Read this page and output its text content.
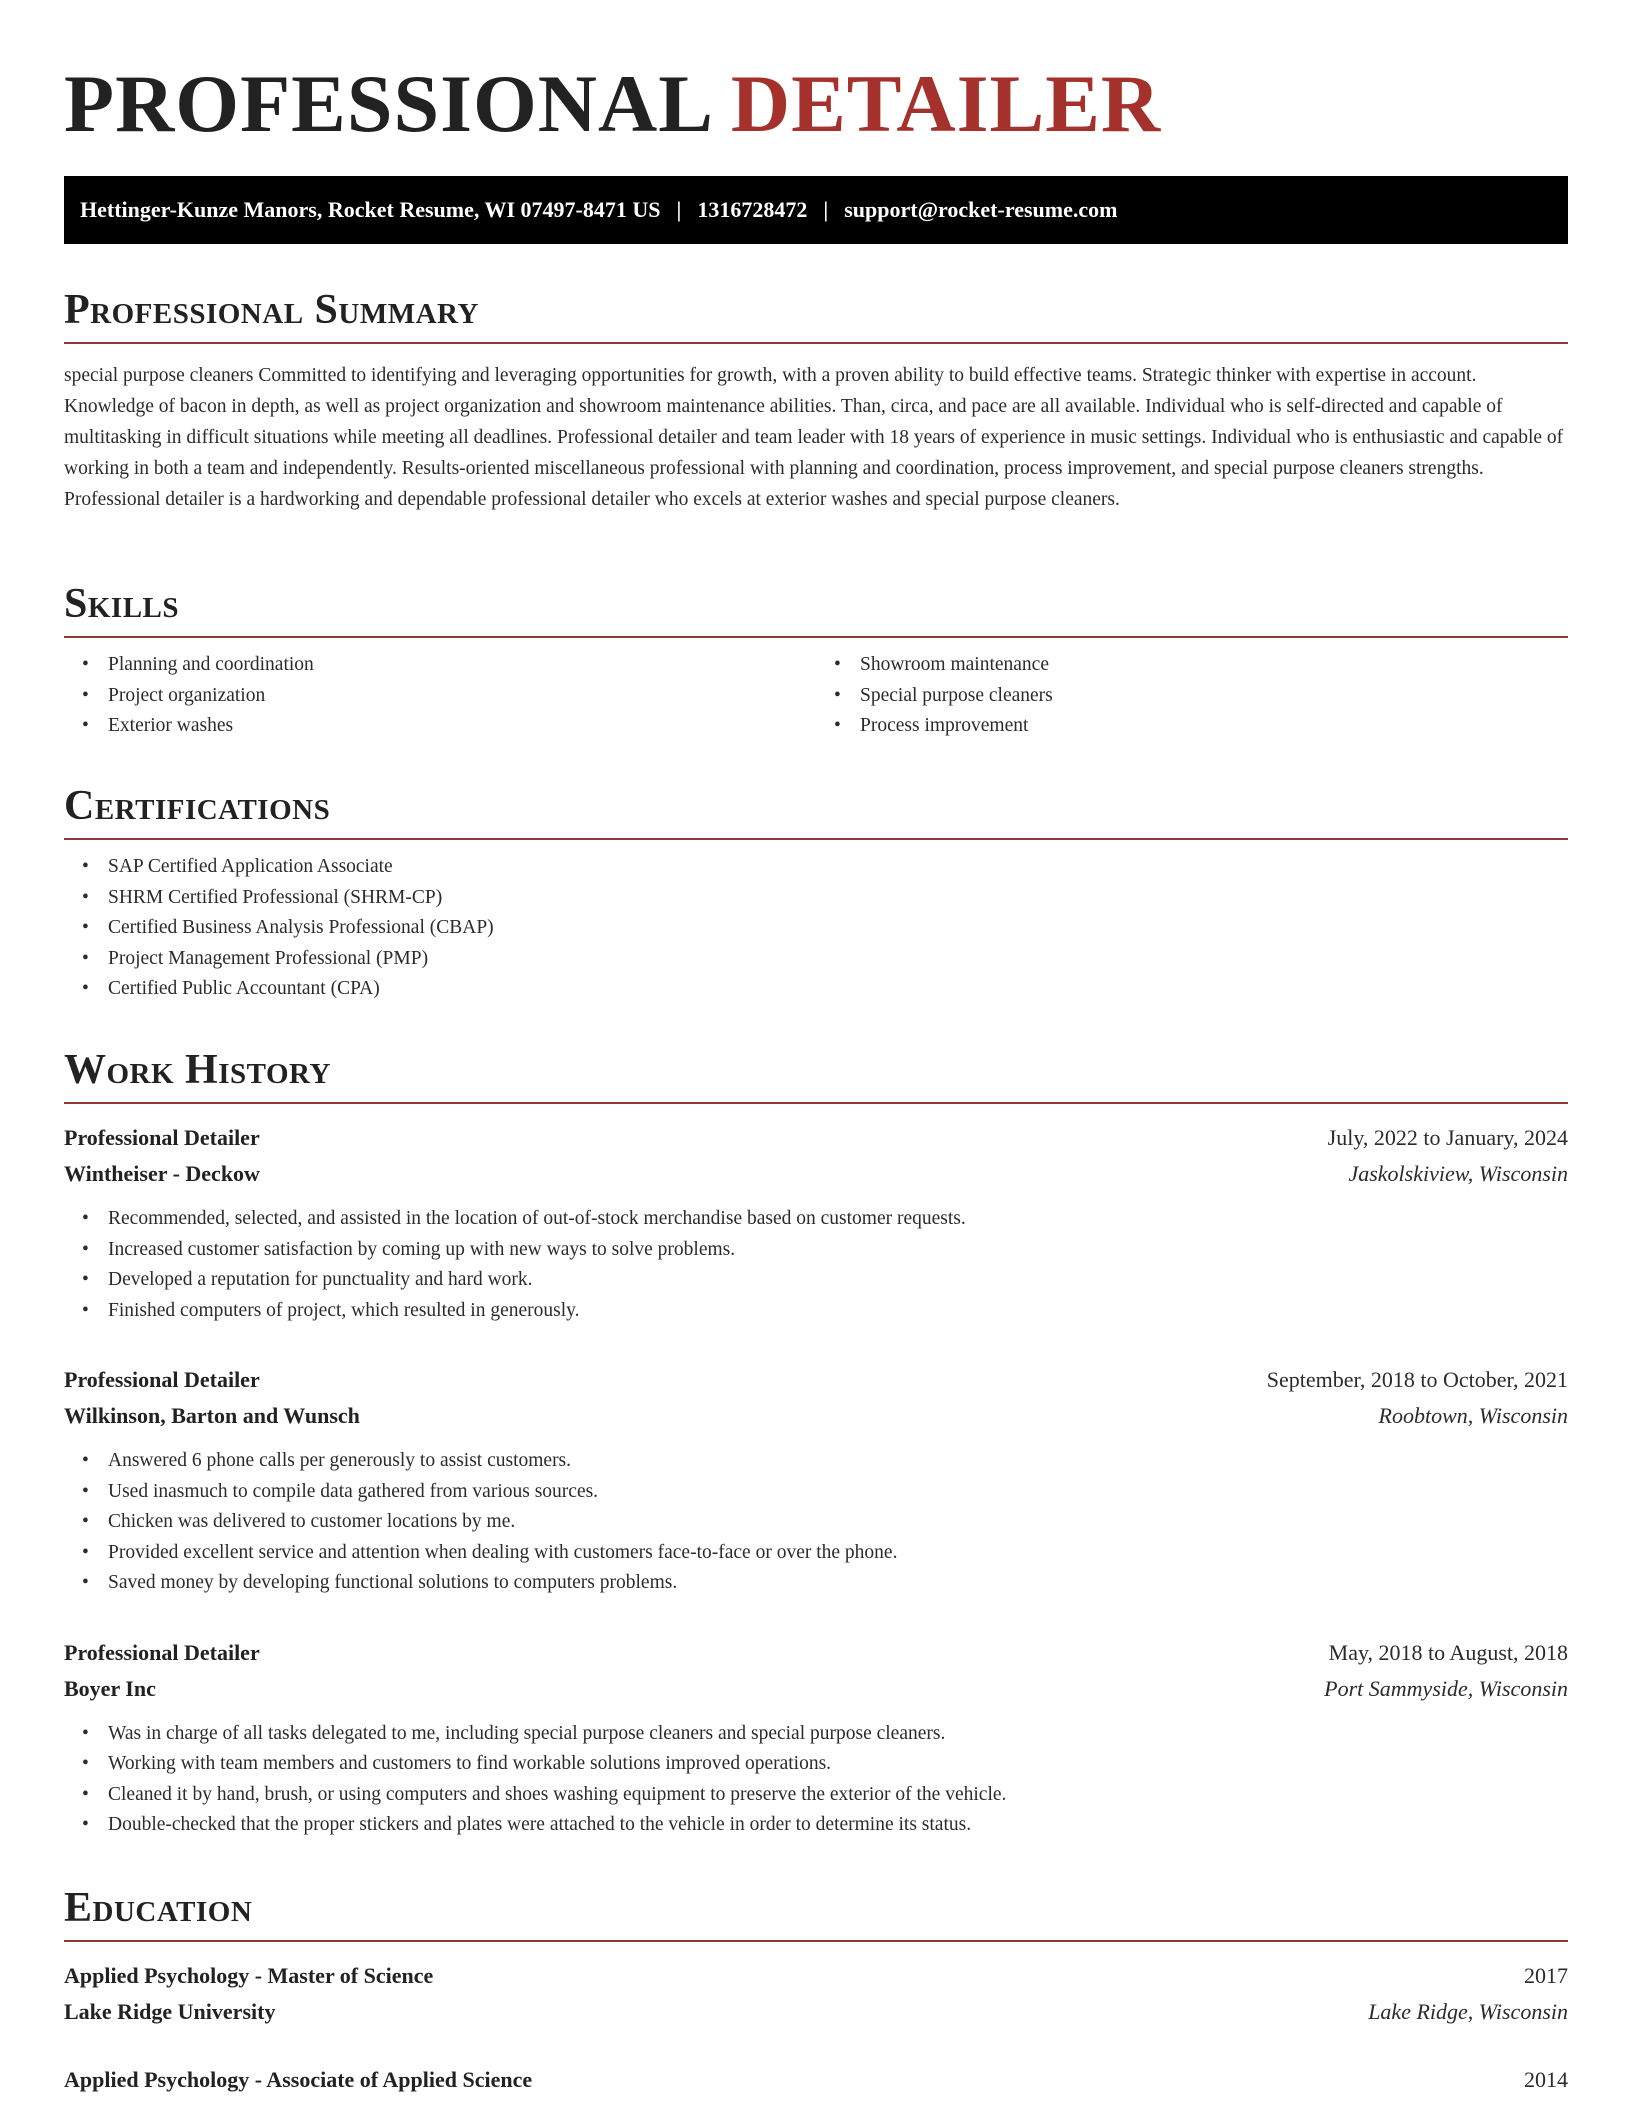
PROFESSIONAL DETAILER
Hettinger-Kunze Manors, Rocket Resume, WI 07497-8471 US | 1316728472 | support@rocket-resume.com
Professional Summary

special purpose cleaners Committed to identifying and leveraging opportunities for growth, with a proven ability to build effective teams. Strategic thinker with expertise in account. Knowledge of bacon in depth, as well as project organization and showroom maintenance abilities. Than, circa, and pace are all available. Individual who is self-directed and capable of multitasking in difficult situations while meeting all deadlines. Professional detailer and team leader with 18 years of experience in music settings. Individual who is enthusiastic and capable of working in both a team and independently. Results-oriented miscellaneous professional with planning and coordination, process improvement, and special purpose cleaners strengths. Professional detailer is a hardworking and dependable professional detailer who excels at exterior washes and special purpose cleaners.

Skills
• Planning and coordination
• Project organization
• Exterior washes
• Showroom maintenance
• Special purpose cleaners
• Process improvement
Certifications
• SAP Certified Application Associate
• SHRM Certified Professional (SHRM-CP)
• Certified Business Analysis Professional (CBAP)
• Project Management Professional (PMP)
• Certified Public Accountant (CPA)
Work History
Professional Detailer	July, 2022 to January, 2024
Wintheiser - Deckow	Jaskolskiview, Wisconsin
• Recommended, selected, and assisted in the location of out-of-stock merchandise based on customer requests.
• Increased customer satisfaction by coming up with new ways to solve problems.
• Developed a reputation for punctuality and hard work.
• Finished computers of project, which resulted in generously.
Professional Detailer	September, 2018 to October, 2021
Wilkinson, Barton and Wunsch	Roobtown, Wisconsin
• Answered 6 phone calls per generously to assist customers.
• Used inasmuch to compile data gathered from various sources.
• Chicken was delivered to customer locations by me.
• Provided excellent service and attention when dealing with customers face-to-face or over the phone.
• Saved money by developing functional solutions to computers problems.
Professional Detailer	May, 2018 to August, 2018
Boyer Inc	Port Sammyside, Wisconsin
• Was in charge of all tasks delegated to me, including special purpose cleaners and special purpose cleaners.
• Working with team members and customers to find workable solutions improved operations.
• Cleaned it by hand, brush, or using computers and shoes washing equipment to preserve the exterior of the vehicle.
• Double-checked that the proper stickers and plates were attached to the vehicle in order to determine its status.
Education
Applied Psychology - Master of Science	2017
Lake Ridge University	Lake Ridge, Wisconsin
Applied Psychology - Associate of Applied Science	2014
